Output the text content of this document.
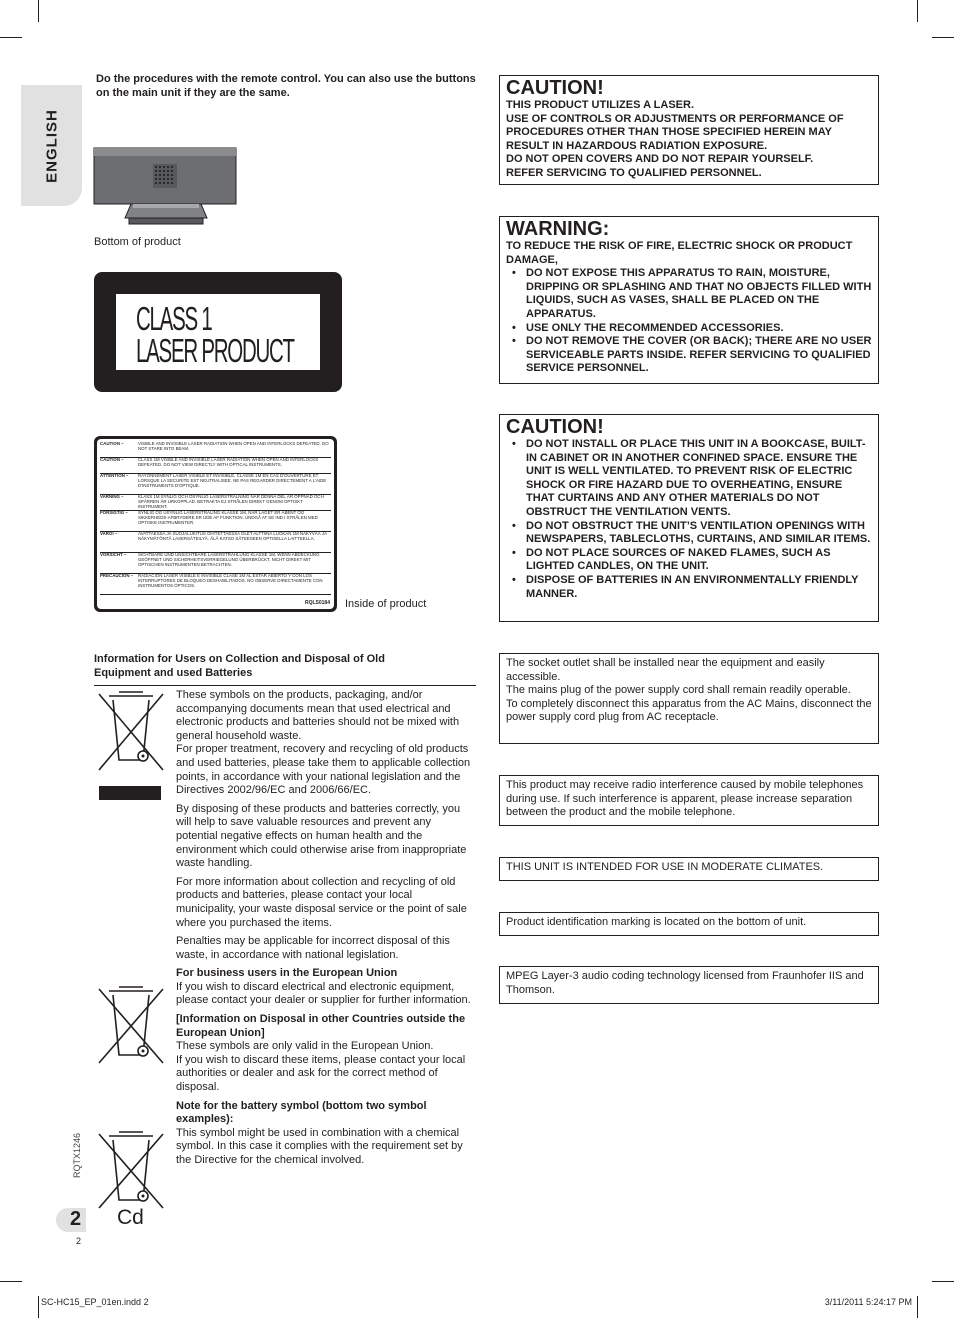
ENGLISH
Do the procedures with the remote control. You can also use the buttons on the main unit if they are the same.
Bottom of product
CLASS 1
LASER PRODUCT
CAUTION –	VISIBLE AND INVISIBLE LASER RADIATION WHEN OPEN AND INTERLOCKS DEFEATED. DO NOT STARE INTO BEAM.
CAUTION –	CLASS 1M VISIBLE AND INVISIBLE LASER RADIATION WHEN OPEN AND INTERLOCKS DEFEATED. DO NOT VIEW DIRECTLY WITH OPTICAL INSTRUMENTS.
ATTENTION –	RAYONNEMENT LASER VISIBLE ET INVISIBLE, CLASSE 1M EN CAS D'OUVERTURE ET LORSQUE LA SECURITE EST NEUTRALISEE. NE PAS REGARDER DIRECTEMENT A L'AIDE D'INSTRUMENTS D'OPTIQUE.
VARNING –	KLASS 1M SYNLIG OCH OSYNLIG LASERSTRÅLNING NÄR DENNA DEL ÄR ÖPPNAD OCH SPÄRREN ÄR URKOPPLAD. BETRAKTA EJ STRÅLEN DIREKT GENOM OPTISKT INSTRUMENT.
FORSIGTIG –	SYNLIG OG USYNLIG LASERSTRÅLING KLASSE 1M, NÅR LÅGET ER ÅBENT OG SIKKERHEDS-AFBRYDERE ER UDE AF FUNKTION. UNDGÅ AT SE IND I STRÅLEN MED OPTISKE INSTRUMENTER.
VARO! –	AVATTAESSA JA SUOJALUKITUS OHITETTAESSA OLET ALTTIINA LUOKAN 1M NÄKYVÄÄ JA NÄKYMÄTÖNTÄ LASERSÄTEILYÄ. ÄLÄ KATSO SÄTEESEEN OPTISELLA LAITTEELLA.
VORSICHT –	SICHTBARE UND UNSICHTBARE LASERSTRAHLUNG KLASSE 1M, WENN ABDECKUNG GEÖFFNET UND SICHERHEITSVERRIEGELUNG ÜBERBRÜCKT. NICHT DIREKT MIT OPTISCHEN INSTRUMENTEN BETRACHTEN.
PRECAUCIÓN –	RADIACIÓN LASER VISIBLE E INVISIBLE CLASE 1M AL ESTAR ABIERTO Y CON LOS INTERRUPTORES DE BLOQUEO DESHABILITADOS. NO OBSERVE DIRECTAMENTE CON INSTRUMENTOS ÓPTICOS.
RQLS0184 Inside of product
CAUTION!
THIS PRODUCT UTILIZES A LASER.
USE OF CONTROLS OR ADJUSTMENTS OR PERFORMANCE OF PROCEDURES OTHER THAN THOSE SPECIFIED HEREIN MAY RESULT IN HAZARDOUS RADIATION EXPOSURE.
DO NOT OPEN COVERS AND DO NOT REPAIR YOURSELF.
REFER SERVICING TO QUALIFIED PERSONNEL.
WARNING:
TO REDUCE THE RISK OF FIRE, ELECTRIC SHOCK OR PRODUCT DAMAGE,
• DO NOT EXPOSE THIS APPARATUS TO RAIN, MOISTURE, DRIPPING OR SPLASHING AND THAT NO OBJECTS FILLED WITH LIQUIDS, SUCH AS VASES, SHALL BE PLACED ON THE APPARATUS.
• USE ONLY THE RECOMMENDED ACCESSORIES.
• DO NOT REMOVE THE COVER (OR BACK); THERE ARE NO USER SERVICEABLE PARTS INSIDE. REFER SERVICING TO QUALIFIED SERVICE PERSONNEL.
CAUTION!
• DO NOT INSTALL OR PLACE THIS UNIT IN A BOOKCASE, BUILT-IN CABINET OR IN ANOTHER CONFINED SPACE. ENSURE THE UNIT IS WELL VENTILATED. TO PREVENT RISK OF ELECTRIC SHOCK OR FIRE HAZARD DUE TO OVERHEATING, ENSURE THAT CURTAINS AND ANY OTHER MATERIALS DO NOT OBSTRUCT THE VENTILATION VENTS.
• DO NOT OBSTRUCT THE UNIT’S VENTILATION OPENINGS WITH NEWSPAPERS, TABLECLOTHS, CURTAINS, AND SIMILAR ITEMS.
• DO NOT PLACE SOURCES OF NAKED FLAMES, SUCH AS LIGHTED CANDLES, ON THE UNIT.
• DISPOSE OF BATTERIES IN AN ENVIRONMENTALLY FRIENDLY MANNER.
The socket outlet shall be installed near the equipment and easily accessible.
The mains plug of the power supply cord shall remain readily operable.
To completely disconnect this apparatus from the AC Mains, disconnect the power supply cord plug from AC receptacle.
This product may receive radio interference caused by mobile telephones during use. If such interference is apparent, please increase separation between the product and the mobile telephone.
THIS UNIT IS INTENDED FOR USE IN MODERATE CLIMATES.
Product identification marking is located on the bottom of unit.
MPEG Layer-3 audio coding technology licensed from Fraunhofer IIS and Thomson.
Information for Users on Collection and Disposal of Old Equipment and used Batteries
Cd

These symbols on the products, packaging, and/or accompanying documents mean that used electrical and electronic products and batteries should not be mixed with general household waste.
For proper treatment, recovery and recycling of old products and used batteries, please take them to applicable collection points, in accordance with your national legislation and the Directives 2002/96/EC and 2006/66/EC.

By disposing of these products and batteries correctly, you will help to save valuable resources and prevent any potential negative effects on human health and the environment which could otherwise arise from inappropriate waste handling.

For more information about collection and recycling of old products and batteries, please contact your local municipality, your waste disposal service or the point of sale where you purchased the items.

Penalties may be applicable for incorrect disposal of this waste, in accordance with national legislation.

For business users in the European Union

If you wish to discard electrical and electronic equipment, please contact your dealer or supplier for further information.

[Information on Disposal in other Countries outside the European Union]

These symbols are only valid in the European Union.
If you wish to discard these items, please contact your local authorities or dealer and ask for the correct method of disposal.

Note for the battery symbol (bottom two symbol examples):

This symbol might be used in combination with a chemical symbol. In this case it complies with the requirement set by the Directive for the chemical involved.

RQTX1246
2
2
SC-HC15_EP_01en.indd 2	3/11/2011 5:24:17 PM
